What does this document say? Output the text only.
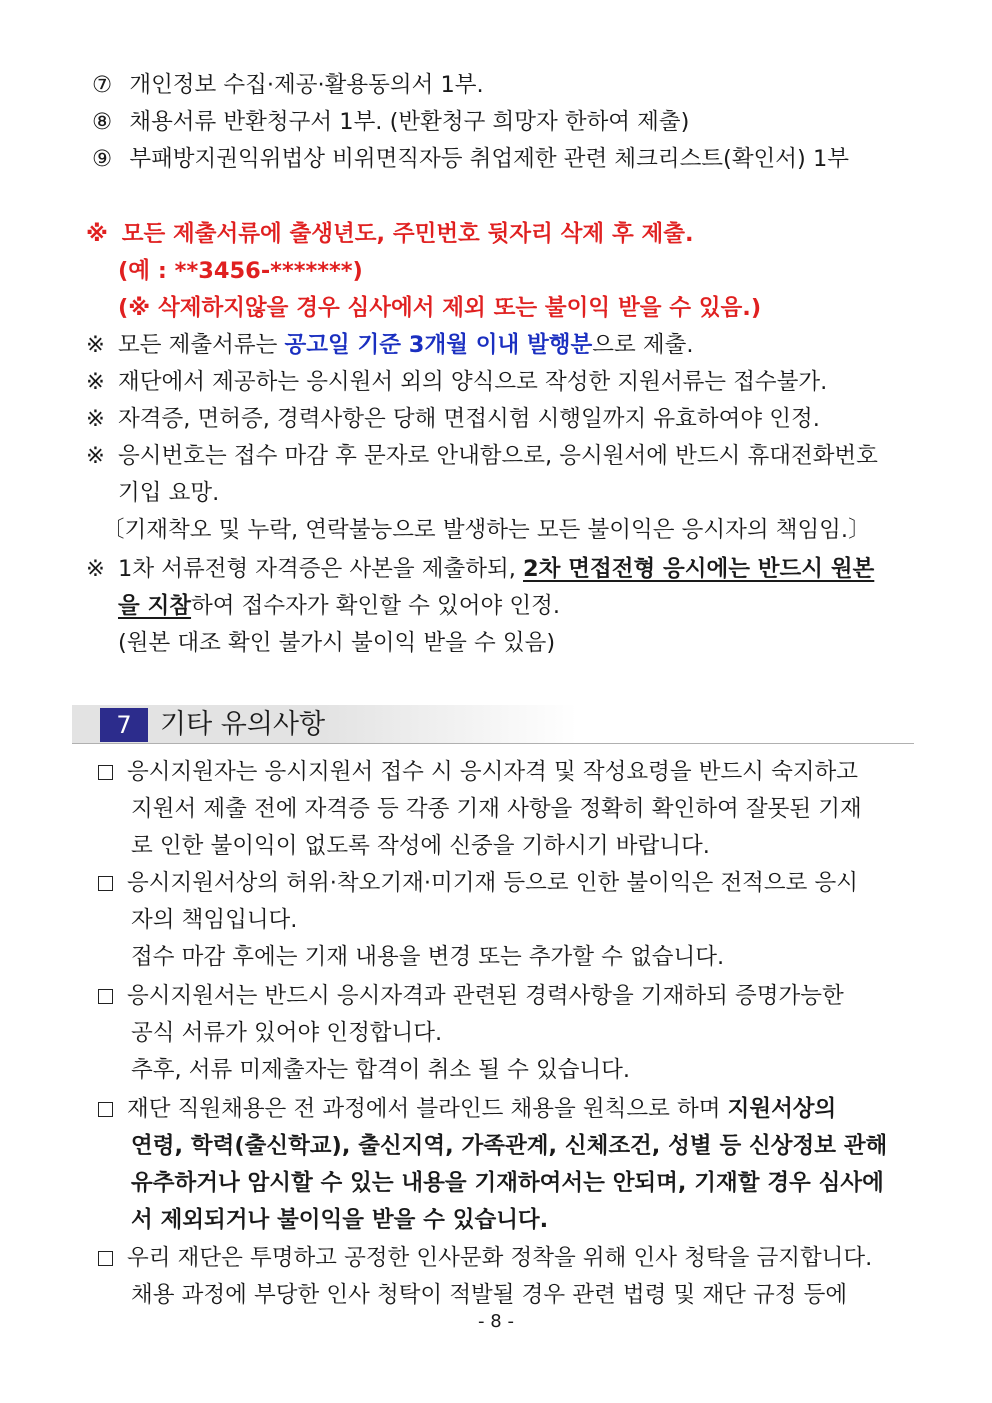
⑦ 개인정보 수집·제공·활용동의서 1부.
⑧ 채용서류 반환청구서 1부. (반환청구 희망자 한하여 제출)
⑨ 부패방지권익위법상 비위면직자등 취업제한 관련 체크리스트(확인서) 1부
※ 모든 제출서류에 출생년도, 주민번호 뒷자리 삭제 후 제출.
(예 : **3456-*******)
(※ 삭제하지않을 경우 심사에서 제외 또는 불이익 받을 수 있음.)
※ 모든 제출서류는 공고일 기준 3개월 이내 발행분으로 제출.
※ 재단에서 제공하는 응시원서 외의 양식으로 작성한 지원서류는 접수불가.
※ 자격증, 면허증, 경력사항은 당해 면접시험 시행일까지 유효하여야 인정.
※ 응시번호는 접수 마감 후 문자로 안내함으로, 응시원서에 반드시 휴대전화번호
기입 요망.
〔기재착오 및 누락, 연락불능으로 발생하는 모든 불이익은 응시자의 책임임.〕
※ 1차 서류전형 자격증은 사본을 제출하되, 2차 면접전형 응시에는 반드시 원본
을 지참하여 접수자가 확인할 수 있어야 인정.
(원본 대조 확인 불가시 불이익 받을 수 있음)
7	기타 유의사항
응시지원자는 응시지원서 접수 시 응시자격 및 작성요령을 반드시 숙지하고
지원서 제출 전에 자격증 등 각종 기재 사항을 정확히 확인하여 잘못된 기재
로 인한 불이익이 없도록 작성에 신중을 기하시기 바랍니다.
응시지원서상의 허위·착오기재·미기재 등으로 인한 불이익은 전적으로 응시
자의 책임입니다.
접수 마감 후에는 기재 내용을 변경 또는 추가할 수 없습니다.
응시지원서는 반드시 응시자격과 관련된 경력사항을 기재하되 증명가능한
공식 서류가 있어야 인정합니다.
추후, 서류 미제출자는 합격이 취소 될 수 있습니다.
재단 직원채용은 전 과정에서 블라인드 채용을 원칙으로 하며 지원서상의
연령, 학력(출신학교), 출신지역, 가족관계, 신체조건, 성별 등 신상정보 관해
유추하거나 암시할 수 있는 내용을 기재하여서는 안되며, 기재할 경우 심사에
서 제외되거나 불이익을 받을 수 있습니다.
우리 재단은 투명하고 공정한 인사문화 정착을 위해 인사 청탁을 금지합니다.
채용 과정에 부당한 인사 청탁이 적발될 경우 관련 법령 및 재단 규정 등에
- 8 -
